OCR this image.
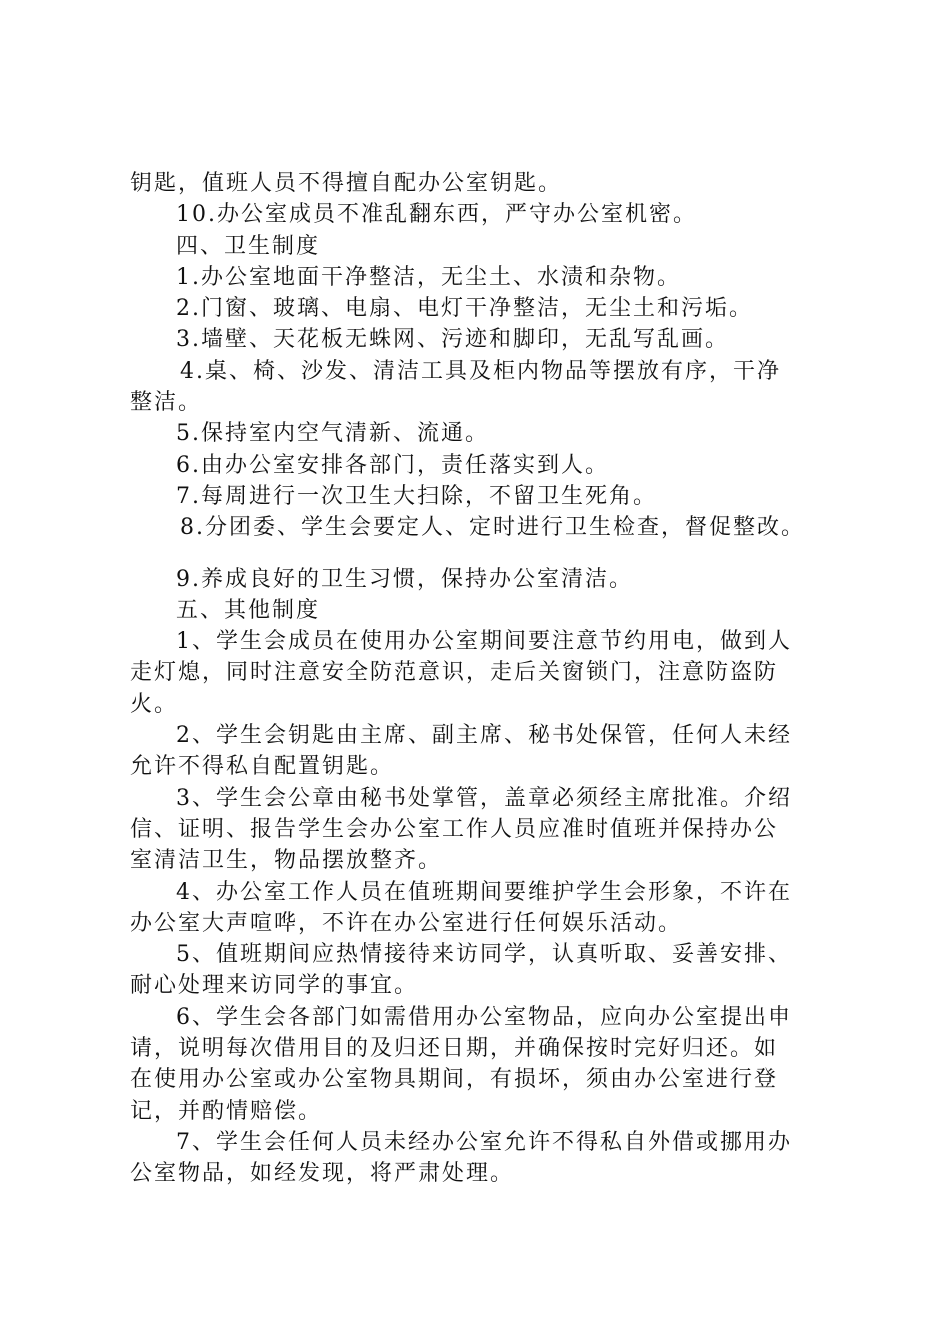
钥匙，值班人员不得擅自配办公室钥匙。
10.办公室成员不准乱翻东西，严守办公室机密。
四、卫生制度
1.办公室地面干净整洁，无尘土、水渍和杂物。
2.门窗、玻璃、电扇、电灯干净整洁，无尘土和污垢。
3.墙壁、天花板无蛛网、污迹和脚印，无乱写乱画。
4.桌、椅、沙发、清洁工具及柜内物品等摆放有序，干净
整洁。
5.保持室内空气清新、流通。
6.由办公室安排各部门，责任落实到人。
7.每周进行一次卫生大扫除，不留卫生死角。
8.分团委、学生会要定人、定时进行卫生检查，督促整改。
9.养成良好的卫生习惯，保持办公室清洁。
五、其他制度
1、学生会成员在使用办公室期间要注意节约用电，做到人
走灯熄，同时注意安全防范意识，走后关窗锁门，注意防盗防
火。
2、学生会钥匙由主席、副主席、秘书处保管，任何人未经
允许不得私自配置钥匙。
3、学生会公章由秘书处掌管，盖章必须经主席批准。介绍
信、证明、报告学生会办公室工作人员应准时值班并保持办公
室清洁卫生，物品摆放整齐。
4、办公室工作人员在值班期间要维护学生会形象，不许在
办公室大声喧哗，不许在办公室进行任何娱乐活动。
5、值班期间应热情接待来访同学，认真听取、妥善安排、
耐心处理来访同学的事宜。
6、学生会各部门如需借用办公室物品，应向办公室提出申
请，说明每次借用目的及归还日期，并确保按时完好归还。如
在使用办公室或办公室物具期间，有损坏，须由办公室进行登
记，并酌情赔偿。
7、学生会任何人员未经办公室允许不得私自外借或挪用办
公室物品，如经发现，将严肃处理。
